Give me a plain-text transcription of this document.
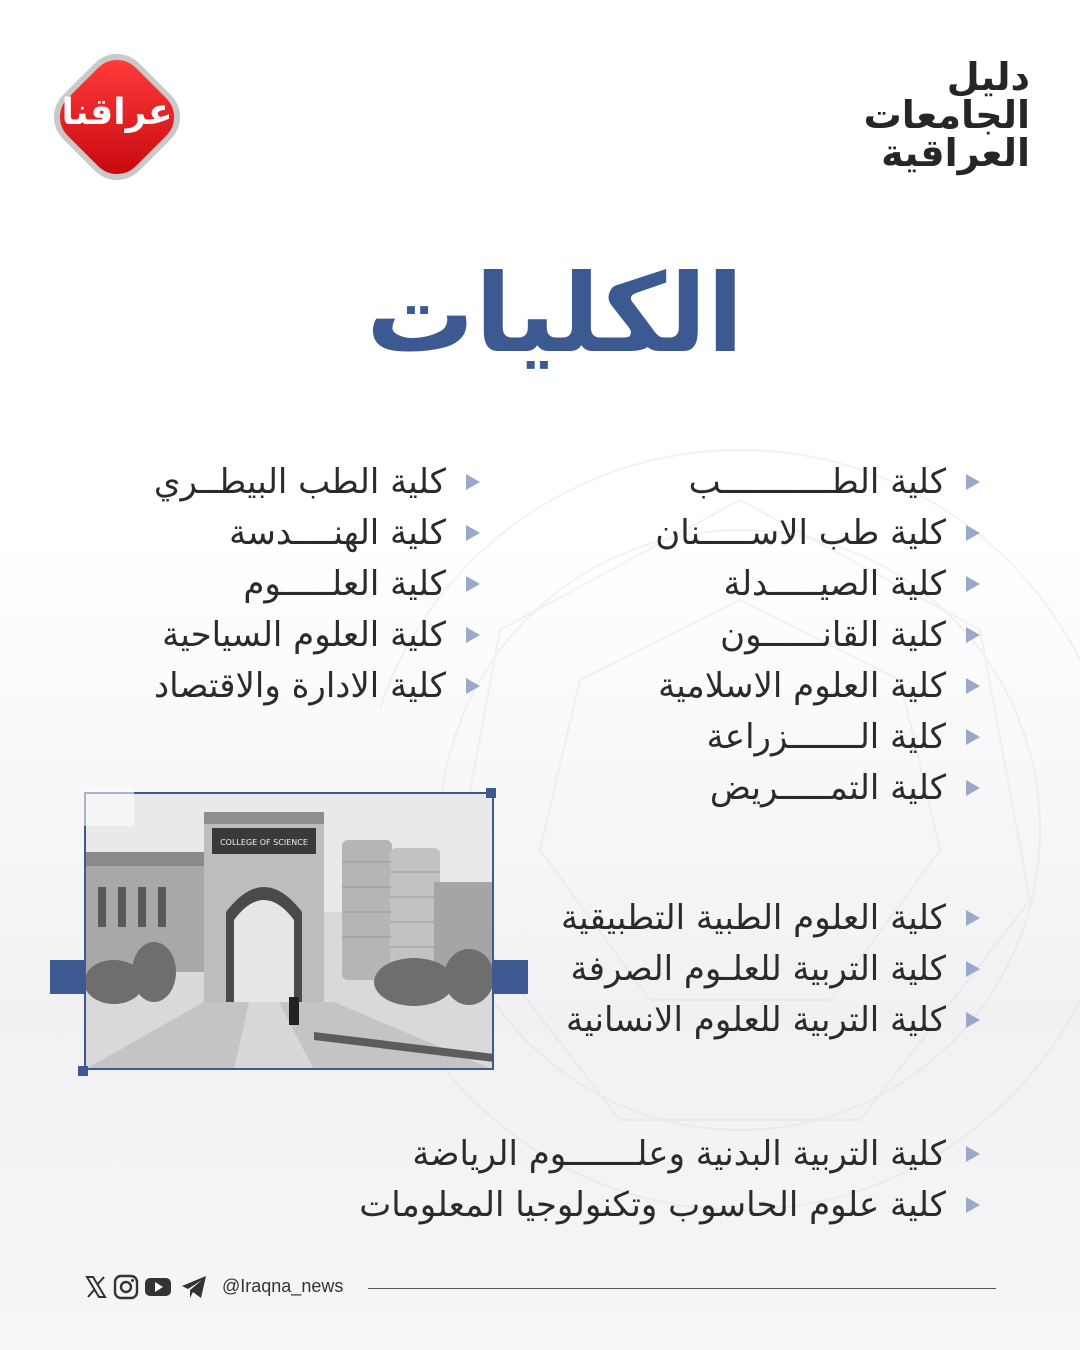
عراقنا
دليل
الجامعات
العراقية
الكليات
كلية الطـــــــــــب
كلية طب الاســـــنان
كلية الصيـــــدلة
كلية القانــــــون
كلية العلوم الاسلامية
كلية الـــــــزراعة
كلية التمـــــريض
كلية الطب البيطــري
كلية الهنــــدسة
كلية العلـــــوم
كلية العلوم السياحية
كلية الادارة والاقتصاد
كلية العلوم الطبية التطبيقية
كلية التربية للعلـوم الصرفة
كلية التربية للعلوم الانسانية
كلية التربية البدنية وعلـــــــوم الرياضة
كلية علوم الحاسوب وتكنولوجيا المعلومات
COLLEGE OF SCIENCE
@Iraqna_news
